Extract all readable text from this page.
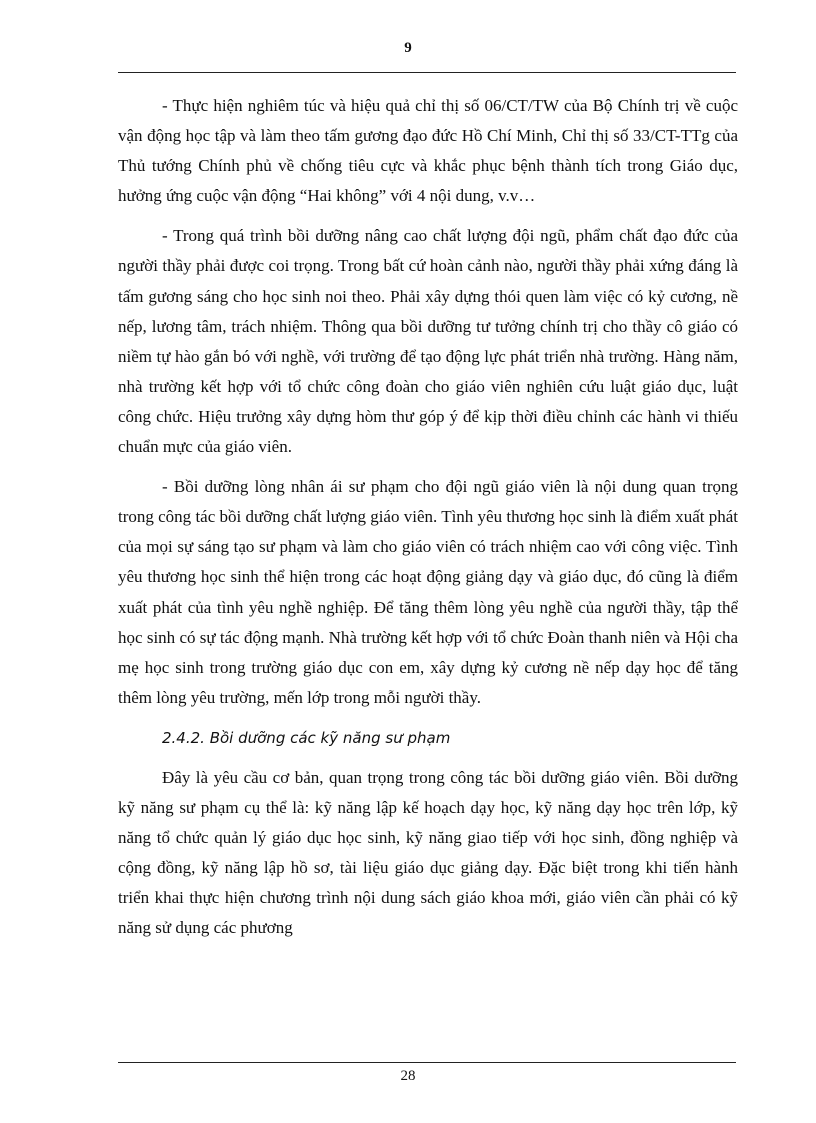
9

- Thực hiện nghiêm túc và hiệu quả chỉ thị số 06/CT/TW của Bộ Chính trị về cuộc vận động học tập và làm theo tấm gương đạo đức Hồ Chí Minh, Chỉ thị số 33/CT-TTg của Thủ tướng Chính phủ về chống tiêu cực và khắc phục bệnh thành tích trong Giáo dục, hưởng ứng cuộc vận động “Hai không” với 4 nội dung, v.v…

- Trong quá trình bồi dưỡng nâng cao chất lượng đội ngũ, phẩm chất đạo đức của người thầy phải được coi trọng. Trong bất cứ hoàn cảnh nào, người thầy phải xứng đáng là tấm gương sáng cho học sinh noi theo. Phải xây dựng thói quen làm việc có kỷ cương, nề nếp, lương tâm, trách nhiệm. Thông qua bồi dưỡng tư tưởng chính trị cho thầy cô giáo có niềm tự hào gắn bó với nghề, với trường để tạo động lực phát triển nhà trường. Hàng năm, nhà trường kết hợp với tổ chức công đoàn cho giáo viên nghiên cứu luật giáo dục, luật công chức. Hiệu trưởng xây dựng hòm thư góp ý để kịp thời điều chỉnh các hành vi thiếu chuẩn mực của giáo viên.

- Bồi dưỡng lòng nhân ái sư phạm cho đội ngũ giáo viên là nội dung quan trọng trong công tác bồi dưỡng chất lượng giáo viên. Tình yêu thương học sinh là điểm xuất phát của mọi sự sáng tạo sư phạm và làm cho giáo viên có trách nhiệm cao với công việc. Tình yêu thương học sinh thể hiện trong các hoạt động giảng dạy và giáo dục, đó cũng là điểm xuất phát của tình yêu nghề nghiệp. Để tăng thêm lòng yêu nghề của người thầy, tập thể học sinh có sự tác động mạnh. Nhà trường kết hợp với tổ chức Đoàn thanh niên và Hội cha mẹ học sinh trong trường giáo dục con em, xây dựng kỷ cương nề nếp dạy học để tăng thêm lòng yêu trường, mến lớp trong mỗi người thầy.

2.4.2. Bồi dưỡng các kỹ năng sư phạm

Đây là yêu cầu cơ bản, quan trọng trong công tác bồi dưỡng giáo viên. Bồi dưỡng kỹ năng sư phạm cụ thể là: kỹ năng lập kế hoạch dạy học, kỹ năng dạy học trên lớp, kỹ năng tổ chức quản lý giáo dục học sinh, kỹ năng giao tiếp với học sinh, đồng nghiệp và cộng đồng, kỹ năng lập hồ sơ, tài liệu giáo dục giảng dạy. Đặc biệt trong khi tiến hành triển khai thực hiện chương trình nội dung sách giáo khoa mới, giáo viên cần phải có kỹ năng sử dụng các phương

28
